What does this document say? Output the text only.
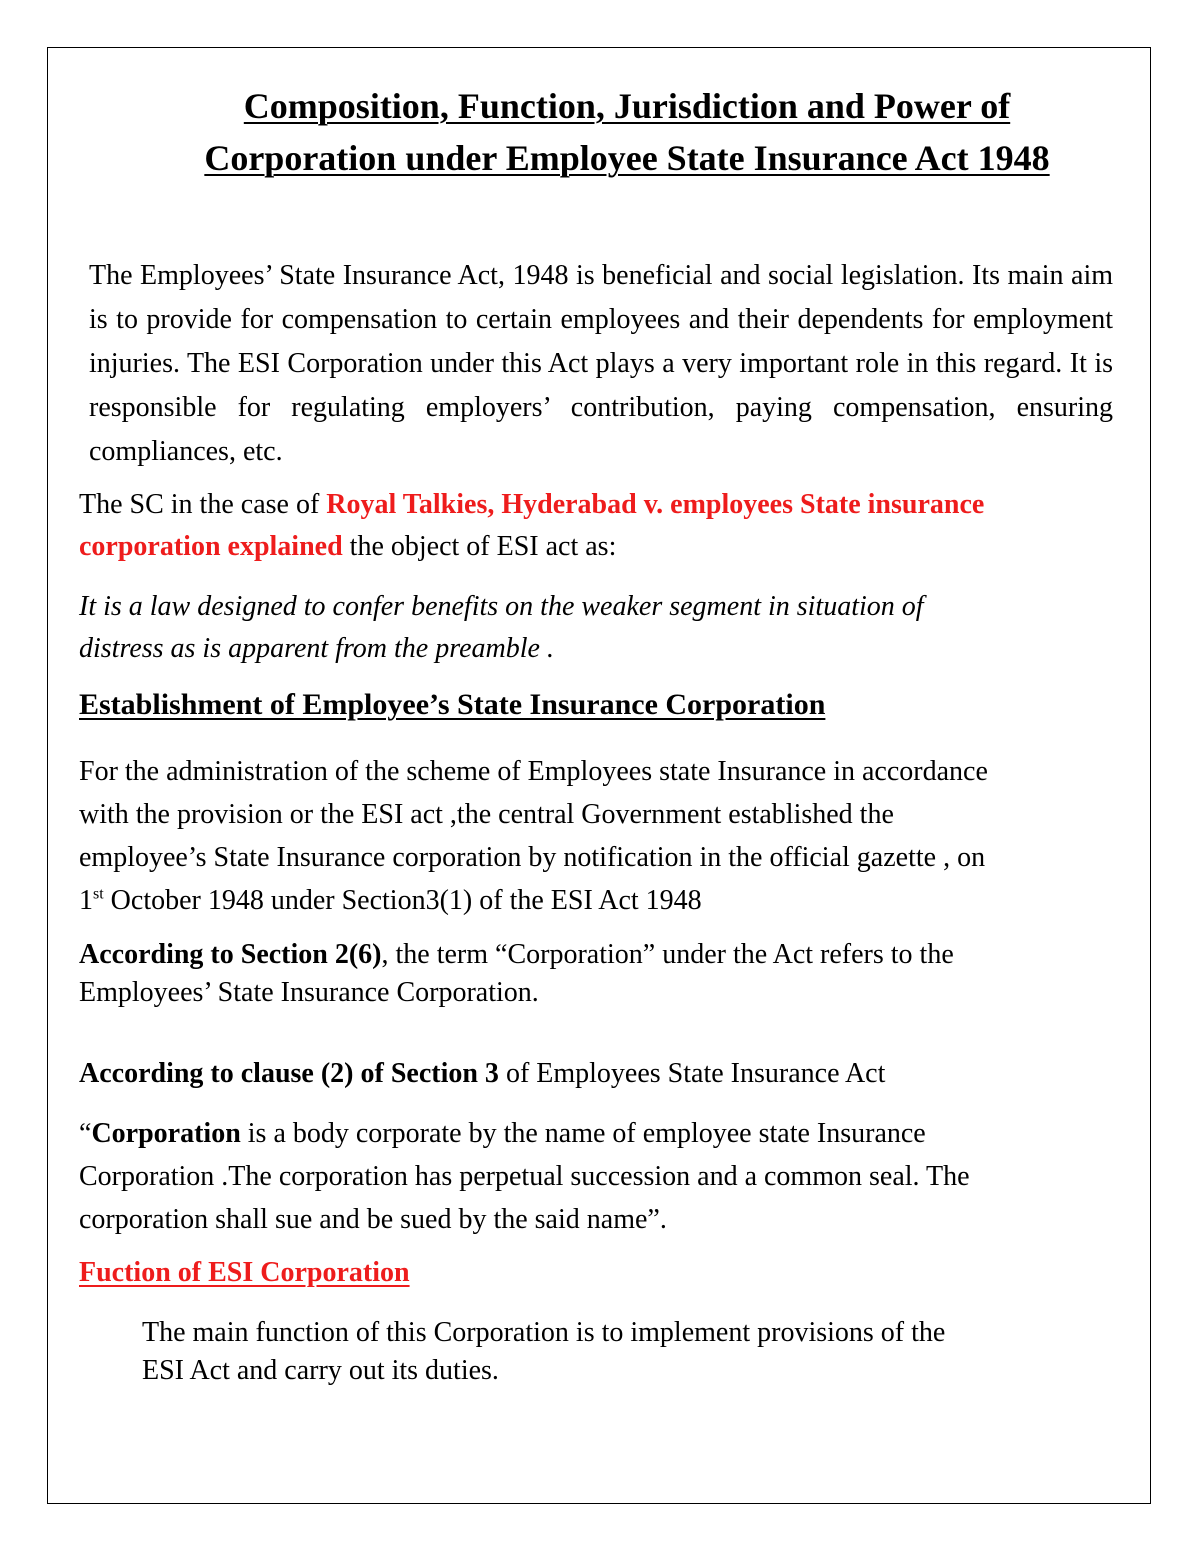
Composition, Function, Jurisdiction and Power of
Corporation under Employee State Insurance Act 1948
The Employees’ State Insurance Act, 1948 is beneficial and social legislation. Its main aim is to provide for compensation to certain employees and their dependents for employment injuries. The ESI Corporation under this Act plays a very important role in this regard. It is responsible for regulating employers’ contribution, paying compensation, ensuring compliances, etc.
The SC in the case of Royal Talkies, Hyderabad v. employees State insurance corporation explained the object of ESI act as:
It is a law designed to confer benefits on the weaker segment in situation of
distress as is apparent from the preamble .
Establishment of Employee’s State Insurance Corporation
For the administration of the scheme of Employees state Insurance in accordance
with the provision or the ESI act ,the central Government established the
employee’s State Insurance corporation by notification in the official gazette , on
1st October 1948 under Section3(1) of the ESI Act 1948
According to Section 2(6), the term “Corporation” under the Act refers to the
Employees’ State Insurance Corporation.
According to clause (2) of Section 3 of Employees State Insurance Act
“Corporation is a body corporate by the name of employee state Insurance
Corporation .The corporation has perpetual succession and a common seal. The
corporation shall sue and be sued by the said name”.
Fuction of ESI Corporation
The main function of this Corporation is to implement provisions of the
ESI Act and carry out its duties.
